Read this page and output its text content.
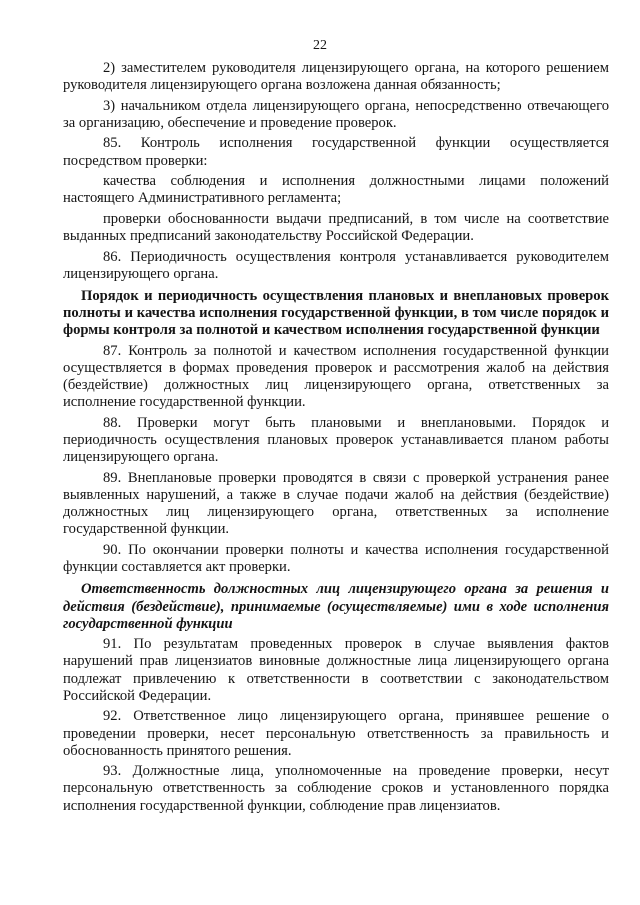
22

2) заместителем руководителя лицензирующего органа, на которого решением руководителя лицензирующего органа возложена данная обязанность;

3) начальником отдела лицензирующего органа, непосредственно отвечающего за организацию, обеспечение и проведение проверок.

85. Контроль исполнения государственной функции осуществляется посредством проверки:

качества соблюдения и исполнения должностными лицами положений настоящего Административного регламента;

проверки обоснованности выдачи предписаний, в том числе на соответствие выданных предписаний законодательству Российской Федерации.

86. Периодичность осуществления контроля устанавливается руководителем лицензирующего органа.

Порядок и периодичность осуществления плановых и внеплановых проверок полноты и качества исполнения государственной функции, в том числе порядок и формы контроля за полнотой и качеством исполнения государственной функции

87. Контроль за полнотой и качеством исполнения государственной функции осуществляется в формах проведения проверок и рассмотрения жалоб на действия (бездействие) должностных лиц лицензирующего органа, ответственных за исполнение государственной функции.

88. Проверки могут быть плановыми и внеплановыми. Порядок и периодичность осуществления плановых проверок устанавливается планом работы лицензирующего органа.

89. Внеплановые проверки проводятся в связи с проверкой устранения ранее выявленных нарушений, а также в случае подачи жалоб на действия (бездействие) должностных лиц лицензирующего органа, ответственных за исполнение государственной функции.

90. По окончании проверки полноты и качества исполнения государственной функции составляется акт проверки.

Ответственность должностных лиц лицензирующего органа за решения и действия (бездействие), принимаемые (осуществляемые) ими в ходе исполнения государственной функции

91. По результатам проведенных проверок в случае выявления фактов нарушений прав лицензиатов виновные должностные лица лицензирующего органа подлежат привлечению к ответственности в соответствии с законодательством Российской Федерации.

92. Ответственное лицо лицензирующего органа, принявшее решение о проведении проверки, несет персональную ответственность за правильность и обоснованность принятого решения.

93. Должностные лица, уполномоченные на проведение проверки, несут персональную ответственность за соблюдение сроков и установленного порядка исполнения государственной функции, соблюдение прав лицензиатов.
